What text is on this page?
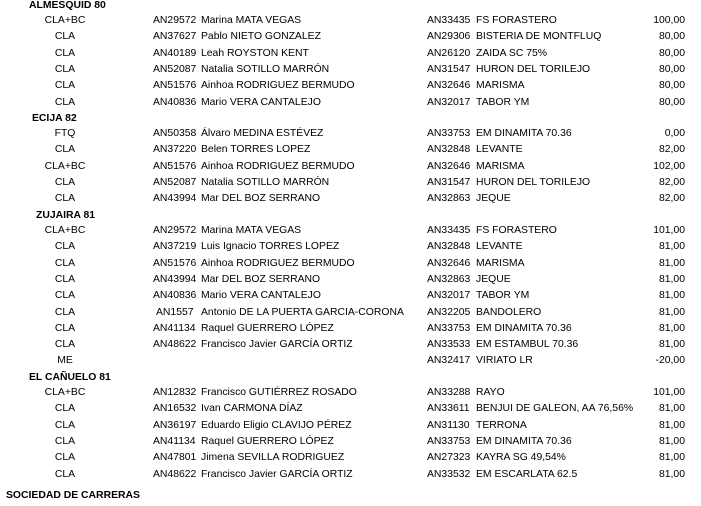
ALMESQUID 80
CLA+BC	AN29572 Marina MATA VEGAS	AN33435 FS FORASTERO	100,00
CLA	AN37627 Pablo NIETO GONZALEZ	AN29306 BISTERIA DE MONTFLUQ	80,00
CLA	AN40189 Leah ROYSTON KENT	AN26120 ZAIDA SC 75%	80,00
CLA	AN52087 Natalia SOTILLO MARRÓN	AN31547 HURON DEL TORILEJO	80,00
CLA	AN51576 Ainhoa RODRIGUEZ BERMUDO	AN32646 MARISMA	80,00
CLA	AN40836 Mario VERA CANTALEJO	AN32017 TABOR YM	80,00
ECIJA 82
FTQ	AN50358 Álvaro MEDINA ESTÉVEZ	AN33753 EM DINAMITA 70.36	0,00
CLA	AN37220 Belen TORRES LOPEZ	AN32848 LEVANTE	82,00
CLA+BC	AN51576 Ainhoa RODRIGUEZ BERMUDO	AN32646 MARISMA	102,00
CLA	AN52087 Natalia SOTILLO MARRÓN	AN31547 HURON DEL TORILEJO	82,00
CLA	AN43994 Mar DEL BOZ SERRANO	AN32863 JEQUE	82,00
ZUJAIRA 81
CLA+BC	AN29572 Marina MATA VEGAS	AN33435 FS FORASTERO	101,00
CLA	AN37219 Luis Ignacio TORRES LOPEZ	AN32848 LEVANTE	81,00
CLA	AN51576 Ainhoa RODRIGUEZ BERMUDO	AN32646 MARISMA	81,00
CLA	AN43994 Mar DEL BOZ SERRANO	AN32863 JEQUE	81,00
CLA	AN40836 Mario VERA CANTALEJO	AN32017 TABOR YM	81,00
CLA	AN1557 Antonio DE LA PUERTA GARCIA-CORONA AN32205 BANDOLERO	81,00
CLA	AN41134 Raquel GUERRERO LÓPEZ	AN33753 EM DINAMITA 70.36	81,00
CLA	AN48622 Francisco Javier GARCÍA ORTIZ	AN33533 EM ESTAMBUL 70.36	81,00
ME	AN32417 VIRIATO LR	-20,00
EL CAÑUELO 81
CLA+BC	AN12832 Francisco GUTIÉRREZ ROSADO	AN33288 RAYO	101,00
CLA	AN16532 Ivan CARMONA DÍAZ	AN33611 BENJUI DE GALEON, AA 76,56% 81,00
CLA	AN36197 Eduardo Eligio CLAVIJO PÉREZ	AN31130 TERRONA	81,00
CLA	AN41134 Raquel GUERRERO LÓPEZ	AN33753 EM DINAMITA 70.36	81,00
CLA	AN47801 Jimena SEVILLA RODRIGUEZ	AN27323 KAYRA SG 49,54%	81,00
CLA	AN48622 Francisco Javier GARCÍA ORTIZ	AN33532 EM ESCARLATA 62.5	81,00
SOCIEDAD DE CARRERAS
